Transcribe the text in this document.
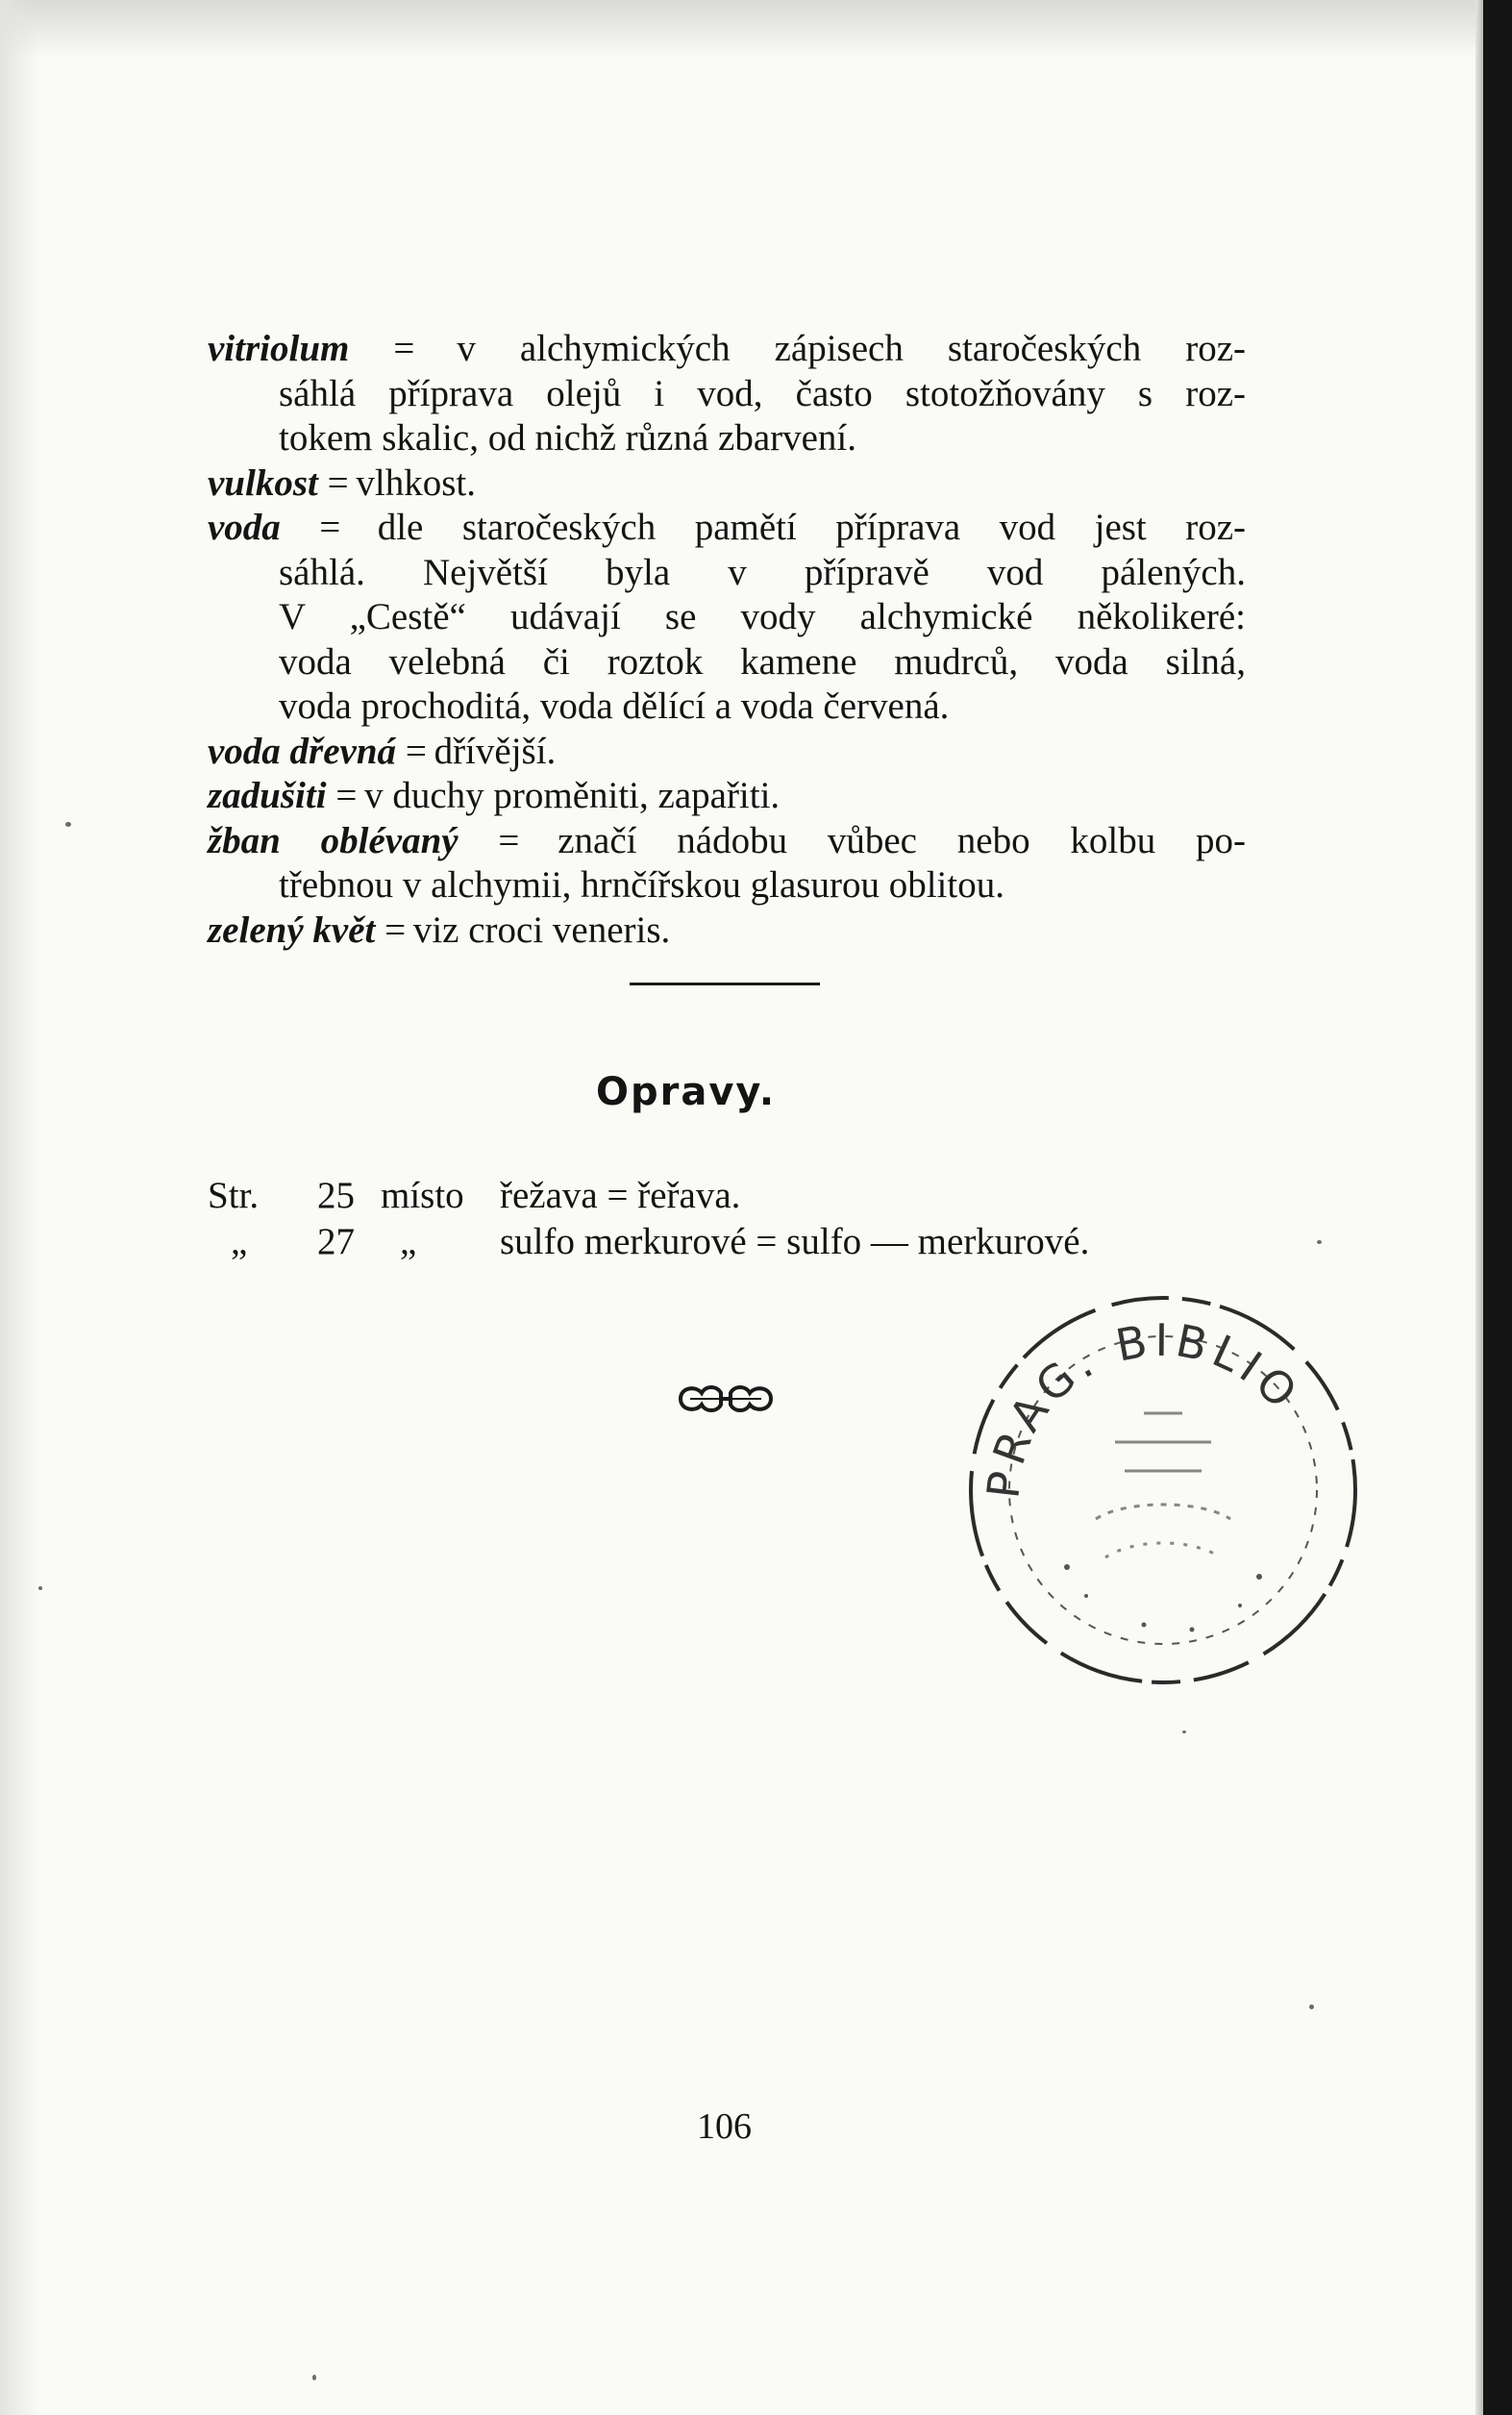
vitriolum = v alchymických zápisech staročeských roz-
sáhlá příprava olejů i vod, často stotožňovány s roz-
tokem skalic, od nichž různá zbarvení.

vulkost = vlhkost.

voda = dle staročeských pamětí příprava vod jest roz-
sáhlá. Největší byla v přípravě vod pálených.
V „Cestě“ udávají se vody alchymické několikeré:
voda velebná či roztok kamene mudrců, voda silná,
voda prochoditá, voda dělící a voda červená.

voda dřevná = dřívější.

zadušiti = v duchy proměniti, zapařiti.

žban oblévaný = značí nádobu vůbec nebo kolbu po-
třebnou v alchymii, hrnčířskou glasurou oblitou.

zelený květ = viz croci veneris.

Opravy.
Str. 25 místo řežava = řeřava.
„ 27 „ sulfo merkurové = sulfo — merkurové.
PRAG. BIBLIO
106
